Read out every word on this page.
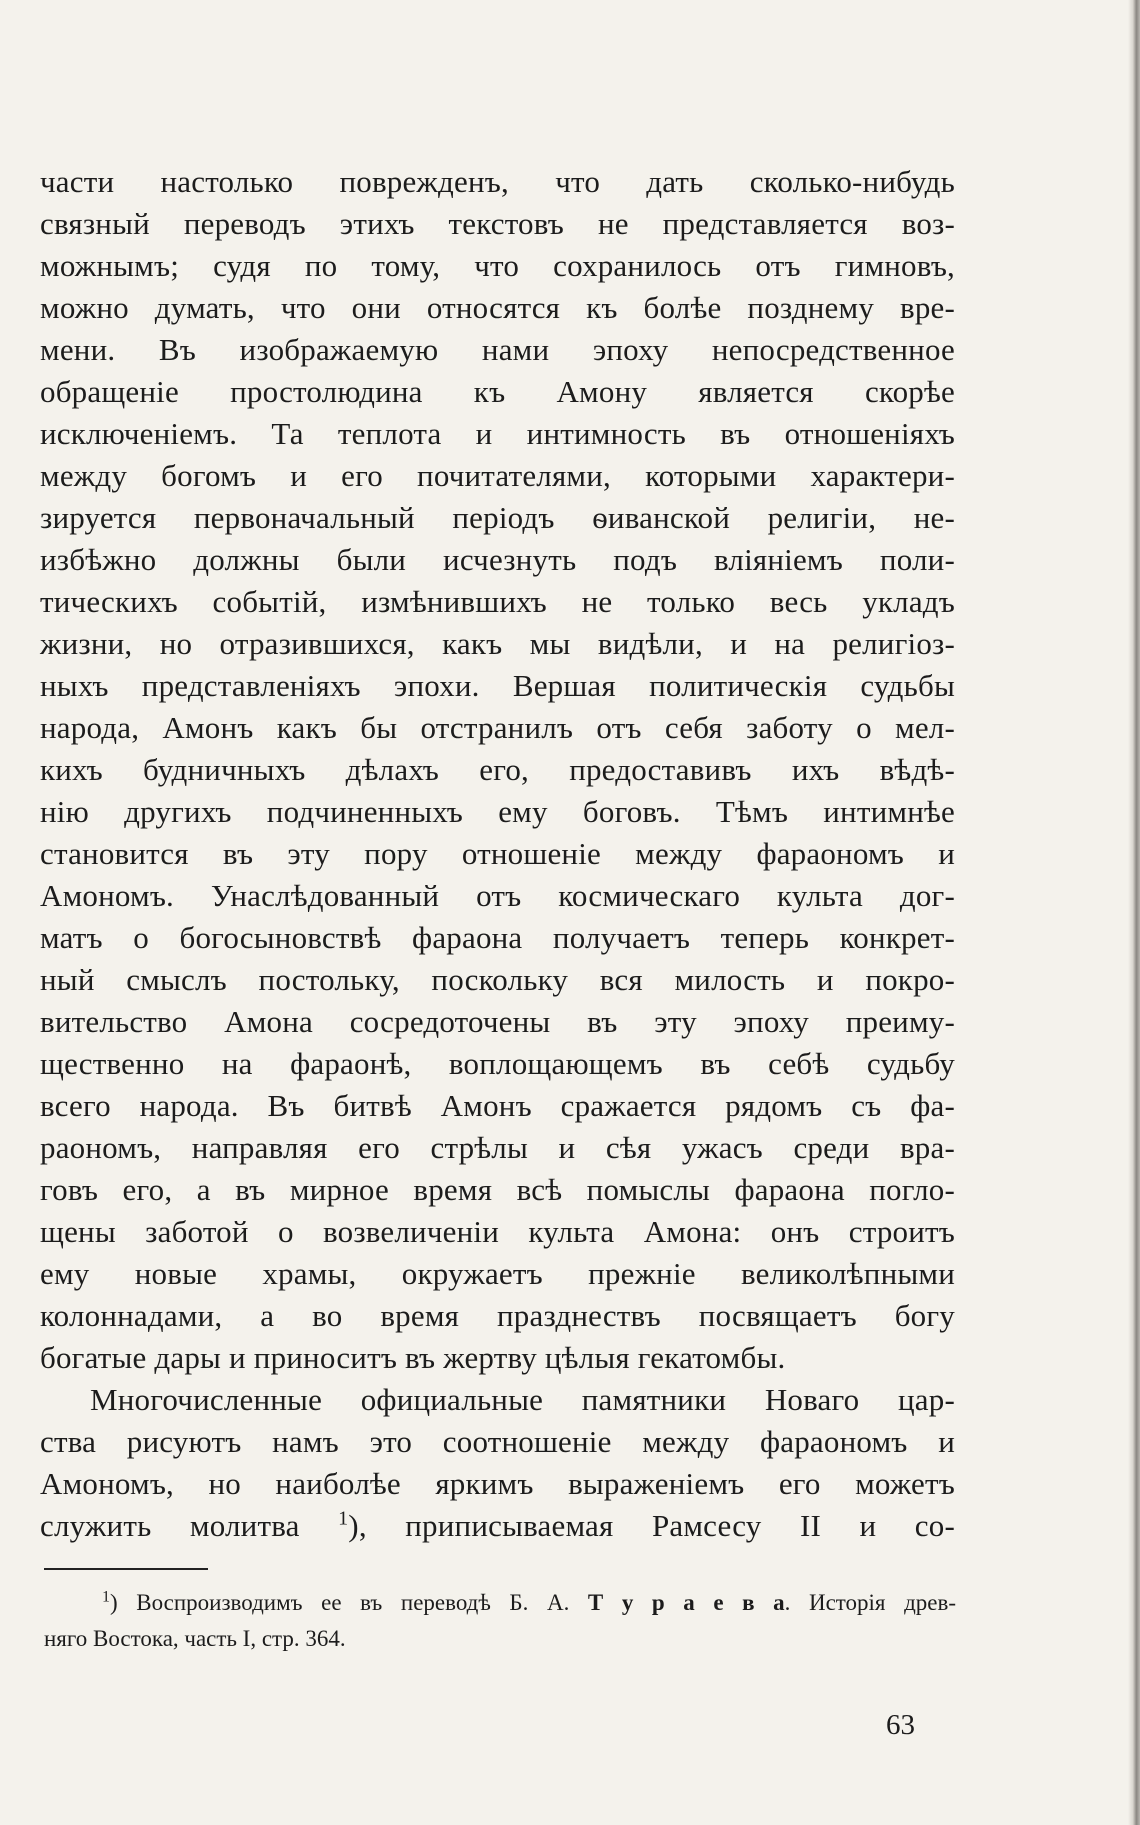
части настолько поврежденъ, что дать сколько-нибудь
связный переводъ этихъ текстовъ не представляется воз-
можнымъ; судя по тому, что сохранилось отъ гимновъ,
можно думать, что они относятся къ болѣе позднему вре-
мени. Въ изображаемую нами эпоху непосредственное
обращеніе простолюдина къ Амону является скорѣе
исключеніемъ. Та теплота и интимность въ отношеніяхъ
между богомъ и его почитателями, которыми характери-
зируется первоначальный періодъ ѳиванской религіи, не-
избѣжно должны были исчезнуть подъ вліяніемъ поли-
тическихъ событій, измѣнившихъ не только весь укладъ
жизни, но отразившихся, какъ мы видѣли, и на религіоз-
ныхъ представленіяхъ эпохи. Вершая политическія судьбы
народа, Амонъ какъ бы отстранилъ отъ себя заботу о мел-
кихъ будничныхъ дѣлахъ его, предоставивъ ихъ вѣдѣ-
нію другихъ подчиненныхъ ему боговъ. Тѣмъ интимнѣе
становится въ эту пору отношеніе между фараономъ и
Амономъ. Унаслѣдованный отъ космическаго культа дог-
матъ о богосыновствѣ фараона получаетъ теперь конкрет-
ный смыслъ постольку, поскольку вся милость и покро-
вительство Амона сосредоточены въ эту эпоху преиму-
щественно на фараонѣ, воплощающемъ въ себѣ судьбу
всего народа. Въ битвѣ Амонъ сражается рядомъ съ фа-
раономъ, направляя его стрѣлы и сѣя ужасъ среди вра-
говъ его, а въ мирное время всѣ помыслы фараона погло-
щены заботой о возвеличеніи культа Амона: онъ строитъ
ему новые храмы, окружаетъ прежніе великолѣпными
колоннадами, а во время празднествъ посвящаетъ богу
богатые дары и приноситъ въ жертву цѣлыя гекатомбы.
Многочисленные официальные памятники Новаго цар-
ства рисуютъ намъ это соотношеніе между фараономъ и
Амономъ, но наиболѣе яркимъ выраженіемъ его можетъ
служить молитва $^1$), приписываемая Рамсесу II и со-
$^1$) Воспроизводимъ ее въ переводѣ Б. А. Т у р а е в а. Исторія древ-
няго Востока, часть I, стр. 364.
63
